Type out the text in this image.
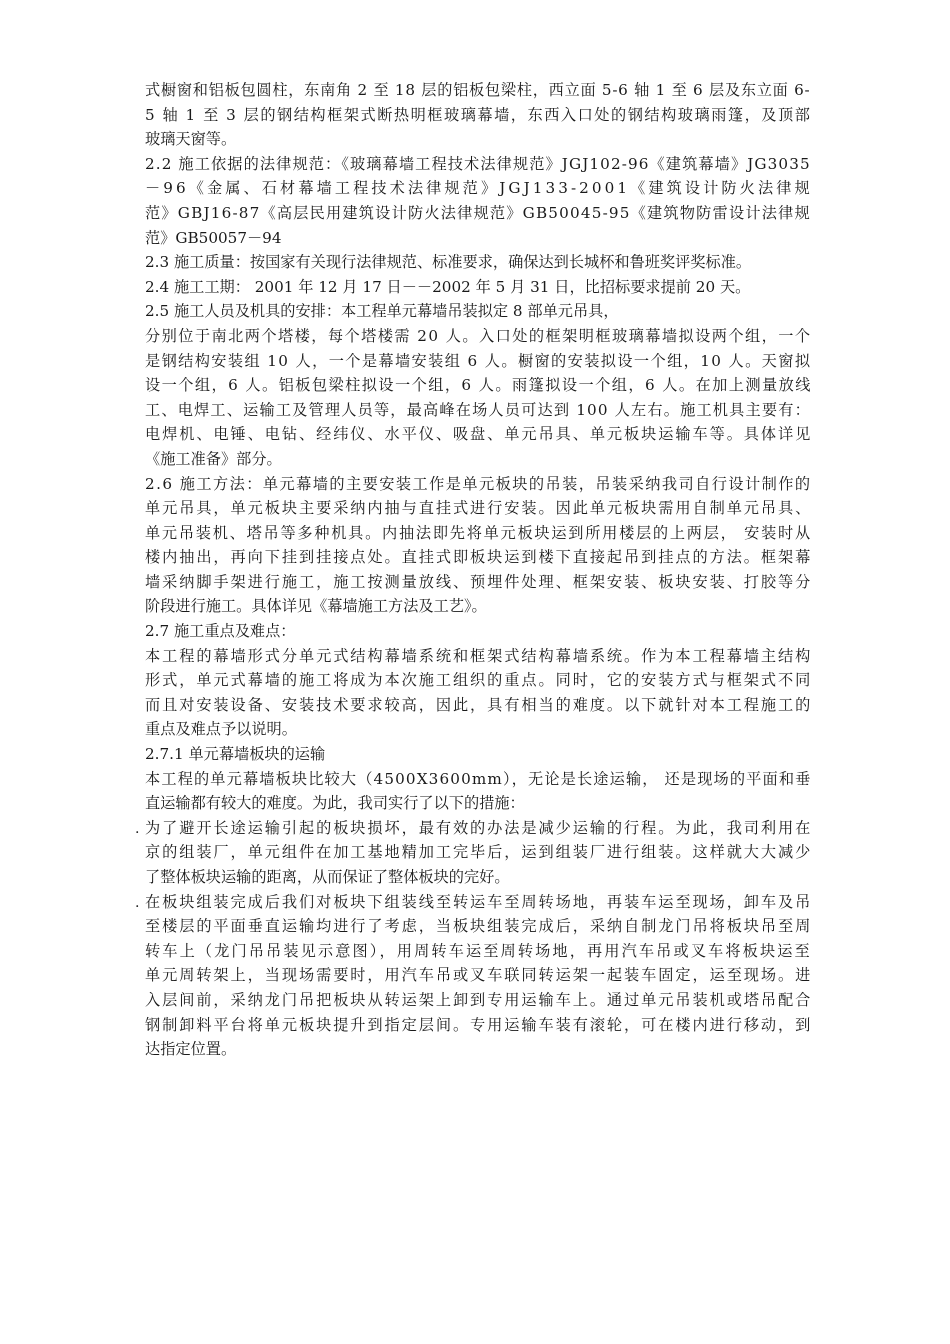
式橱窗和铝板包圆柱，东南角 2 至 18 层的铝板包梁柱，西立面 5-6 轴 1 至 6 层及东立面 6-
5 轴 1 至 3 层的钢结构框架式断热明框玻璃幕墙，东西入口处的钢结构玻璃雨篷，及顶部
玻璃天窗等。
2.2 施工依据的法律规范：《玻璃幕墙工程技术法律规范》JGJ102-96《建筑幕墙》JG3035
－96《金属、石材幕墙工程技术法律规范》JGJ133-2001《建筑设计防火法律规
范》GBJ16-87《高层民用建筑设计防火法律规范》GB50045-95《建筑物防雷设计法律规
范》GB50057－94
2.3 施工质量：按国家有关现行法律规范、标准要求，确保达到长城杯和鲁班奖评奖标准。
2.4 施工工期： 2001 年 12 月 17 日－－2002 年 5 月 31 日，比招标要求提前 20 天。
2.5 施工人员及机具的安排：本工程单元幕墙吊装拟定 8 部单元吊具，
分别位于南北两个塔楼，每个塔楼需 20 人。入口处的框架明框玻璃幕墙拟设两个组，一个
是钢结构安装组 10 人，一个是幕墙安装组 6 人。橱窗的安装拟设一个组，10 人。天窗拟
设一个组，6 人。铝板包梁柱拟设一个组，6 人。雨篷拟设一个组，6 人。在加上测量放线
工、电焊工、运输工及管理人员等，最高峰在场人员可达到 100 人左右。施工机具主要有：
电焊机、电锤、电钻、经纬仪、水平仪、吸盘、单元吊具、单元板块运输车等。具体详见
《施工准备》部分。
2.6 施工方法：单元幕墙的主要安装工作是单元板块的吊装，吊装采纳我司自行设计制作的
单元吊具，单元板块主要采纳内抽与直挂式进行安装。因此单元板块需用自制单元吊具、
单元吊装机、塔吊等多种机具。内抽法即先将单元板块运到所用楼层的上两层， 安装时从
楼内抽出，再向下挂到挂接点处。直挂式即板块运到楼下直接起吊到挂点的方法。框架幕
墙采纳脚手架进行施工，施工按测量放线、预埋件处理、框架安装、板块安装、打胶等分
阶段进行施工。具体详见《幕墙施工方法及工艺》。
2.7 施工重点及难点：
本工程的幕墙形式分单元式结构幕墙系统和框架式结构幕墙系统。作为本工程幕墙主结构
形式，单元式幕墙的施工将成为本次施工组织的重点。同时，它的安装方式与框架式不同
而且对安装设备、安装技术要求较高，因此，具有相当的难度。以下就针对本工程施工的
重点及难点予以说明。
2.7.1 单元幕墙板块的运输
本工程的单元幕墙板块比较大（4500X3600mm），无论是长途运输， 还是现场的平面和垂
直运输都有较大的难度。为此，我司实行了以下的措施：
. 为了避开长途运输引起的板块损坏，最有效的办法是减少运输的行程。为此，我司利用在
京的组装厂，单元组件在加工基地精加工完毕后，运到组装厂进行组装。这样就大大减少
了整体板块运输的距离，从而保证了整体板块的完好。
. 在板块组装完成后我们对板块下组装线至转运车至周转场地，再装车运至现场，卸车及吊
至楼层的平面垂直运输均进行了考虑，当板块组装完成后，采纳自制龙门吊将板块吊至周
转车上（龙门吊吊装见示意图），用周转车运至周转场地，再用汽车吊或叉车将板块运至
单元周转架上，当现场需要时，用汽车吊或叉车联同转运架一起装车固定，运至现场。进
入层间前，采纳龙门吊把板块从转运架上卸到专用运输车上。通过单元吊装机或塔吊配合
钢制卸料平台将单元板块提升到指定层间。专用运输车装有滚轮，可在楼内进行移动，到
达指定位置。
